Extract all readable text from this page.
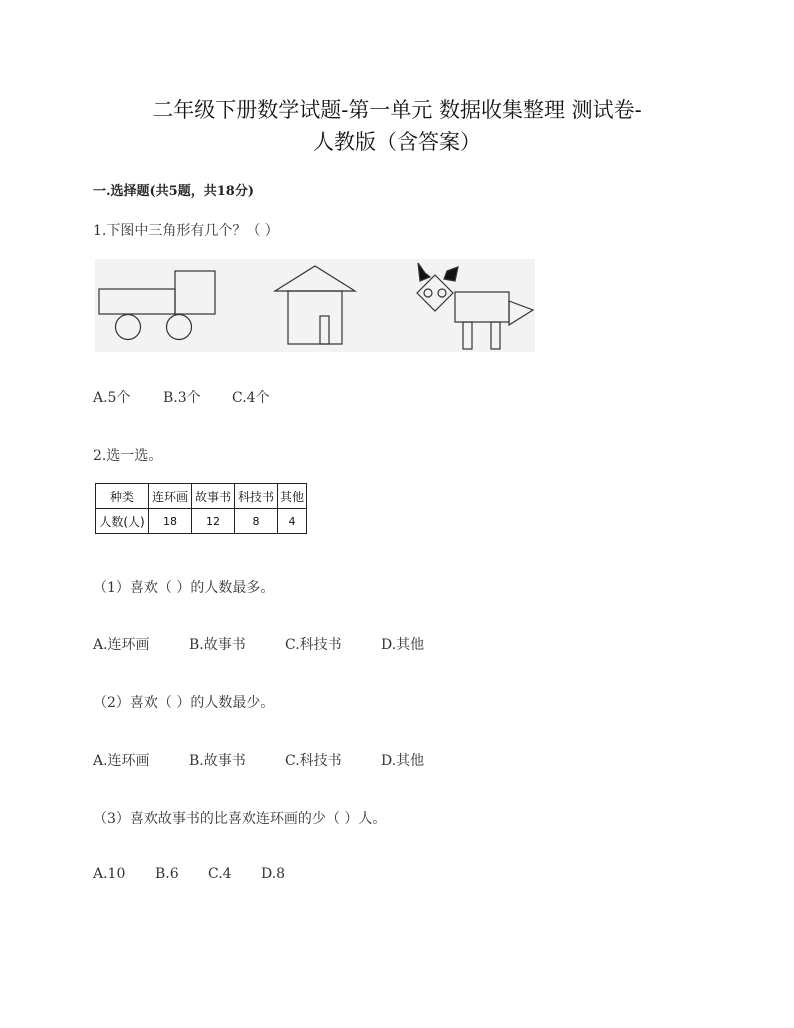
二年级下册数学试题-第一单元 数据收集整理 测试卷-
人教版（含答案）
一.选择题(共5题，共18分)
1.下图中三角形有几个？（ ）
A.5个 B.3个 C.4个
2.选一选。
种类	连环画	故事书	科技书	其他
人数(人)	18	12	8	4
（1）喜欢（ ）的人数最多。
A.连环画	B.故事书	C.科技书	D.其他
（2）喜欢（ ）的人数最少。
A.连环画	B.故事书	C.科技书	D.其他
（3）喜欢故事书的比喜欢连环画的少（ ）人。
A.10 B.6 C.4 D.8
